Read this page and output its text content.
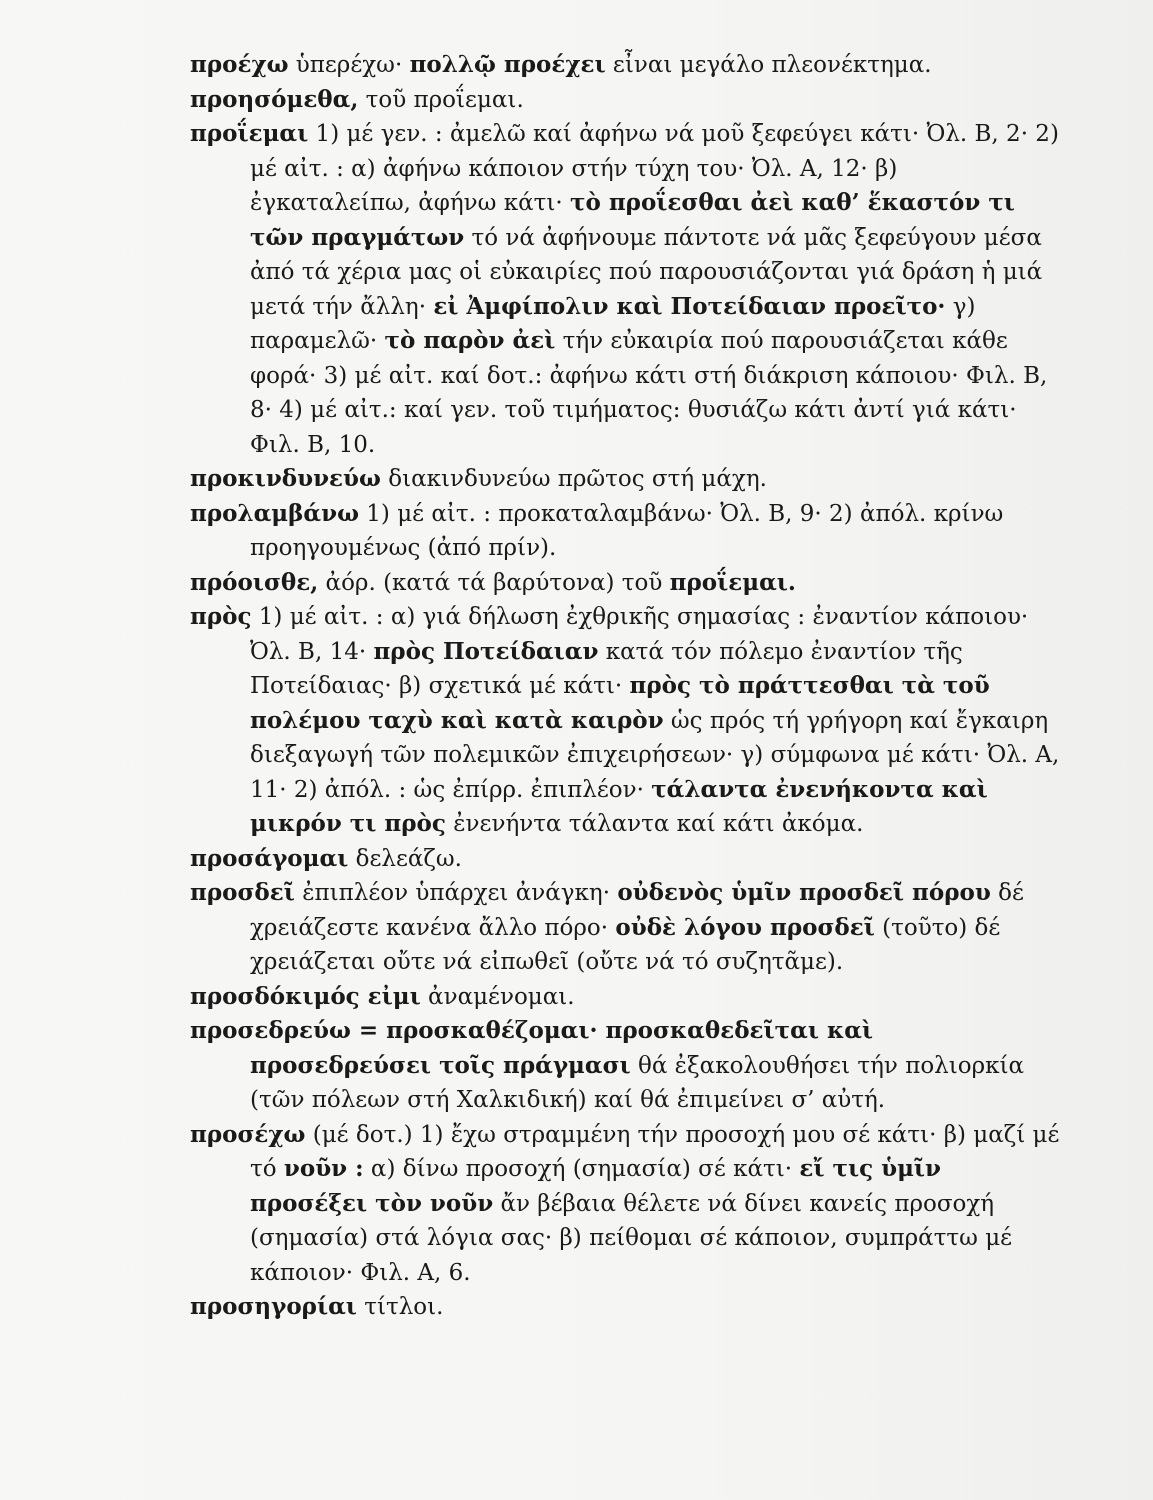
προέχω ὑπερέχω· πολλῷ προέχει εἶναι μεγάλο πλεονέκτημα.

προησόμεθα, τοῦ προΐεμαι.

προΐεμαι 1) μέ γεν. : ἀμελῶ καί ἀφήνω νά μοῦ ξεφεύγει κάτι· Ὀλ. Β, 2· 2) μέ αἰτ. : α) ἀφήνω κάποιον στήν τύχη του· Ὀλ. Α, 12· β) ἐγκαταλείπω, ἀφήνω κάτι· τὸ προΐεσθαι ἀεὶ καθ’ ἕκαστόν τι τῶν πραγμάτων τό νά ἀφήνουμε πάντοτε νά μᾶς ξεφεύγουν μέσα ἀπό τά χέρια μας οἱ εὐκαιρίες πού παρουσιάζονται γιά δράση ἡ μιά μετά τήν ἄλλη· εἰ Ἀμφίπολιν καὶ Ποτείδαιαν προεῖτο· γ) παραμελῶ· τὸ παρὸν ἀεὶ τήν εὐκαιρία πού παρουσιάζεται κάθε φορά· 3) μέ αἰτ. καί δοτ.: ἀφήνω κάτι στή διάκριση κάποιου· Φιλ. Β, 8· 4) μέ αἰτ.: καί γεν. τοῦ τιμήματος: θυσιάζω κάτι ἀντί γιά κάτι· Φιλ. Β, 10.

προκινδυνεύω διακινδυνεύω πρῶτος στή μάχη.

προλαμβάνω 1) μέ αἰτ. : προκαταλαμβάνω· Ὀλ. Β, 9· 2) ἀπόλ. κρίνω προηγουμένως (ἀπό πρίν).

πρόοισθε, ἀόρ. (κατά τά βαρύτονα) τοῦ προΐεμαι.

πρὸς 1) μέ αἰτ. : α) γιά δήλωση ἐχθρικῆς σημασίας : ἐναντίον κάποιου· Ὀλ. Β, 14· πρὸς Ποτείδαιαν κατά τόν πόλεμο ἐναντίον τῆς Ποτείδαιας· β) σχετικά μέ κάτι· πρὸς τὸ πράττεσθαι τὰ τοῦ πολέμου ταχὺ καὶ κατὰ καιρὸν ὡς πρός τή γρήγορη καί ἔγκαιρη διεξαγωγή τῶν πολεμικῶν ἐπιχειρήσεων· γ) σύμφωνα μέ κάτι· Ὀλ. Α, 11· 2) ἀπόλ. : ὡς ἐπίρρ. ἐπιπλέον· τάλαντα ἐνενήκοντα καὶ μικρόν τι πρὸς ἐνενήντα τάλαντα καί κάτι ἀκόμα.

προσάγομαι δελεάζω.

προσδεῖ ἐπιπλέον ὑπάρχει ἀνάγκη· οὐδενὸς ὑμῖν προσδεῖ πόρου δέ χρειάζεστε κανένα ἄλλο πόρο· οὐδὲ λόγου προσδεῖ (τοῦτο) δέ χρειάζεται οὔτε νά εἰπωθεῖ (οὔτε νά τό συζητᾶμε).

προσδόκιμός εἰμι ἀναμένομαι.

προσεδρεύω = προσκαθέζομαι· προσκαθεδεῖται καὶ προσεδρεύσει τοῖς πράγμασι θά ἐξακολουθήσει τήν πολιορκία (τῶν πόλεων στή Χαλκιδική) καί θά ἐπιμείνει σ’ αὐτή.

προσέχω (μέ δοτ.) 1) ἔχω στραμμένη τήν προσοχή μου σέ κάτι· β) μαζί μέ τό νοῦν : α) δίνω προσοχή (σημασία) σέ κάτι· εἴ τις ὑμῖν προσέξει τὸν νοῦν ἄν βέβαια θέλετε νά δίνει κανείς προσοχή (σημασία) στά λόγια σας· β) πείθομαι σέ κάποιον, συμπράττω μέ κάποιον· Φιλ. Α, 6.

προσηγορίαι τίτλοι.
